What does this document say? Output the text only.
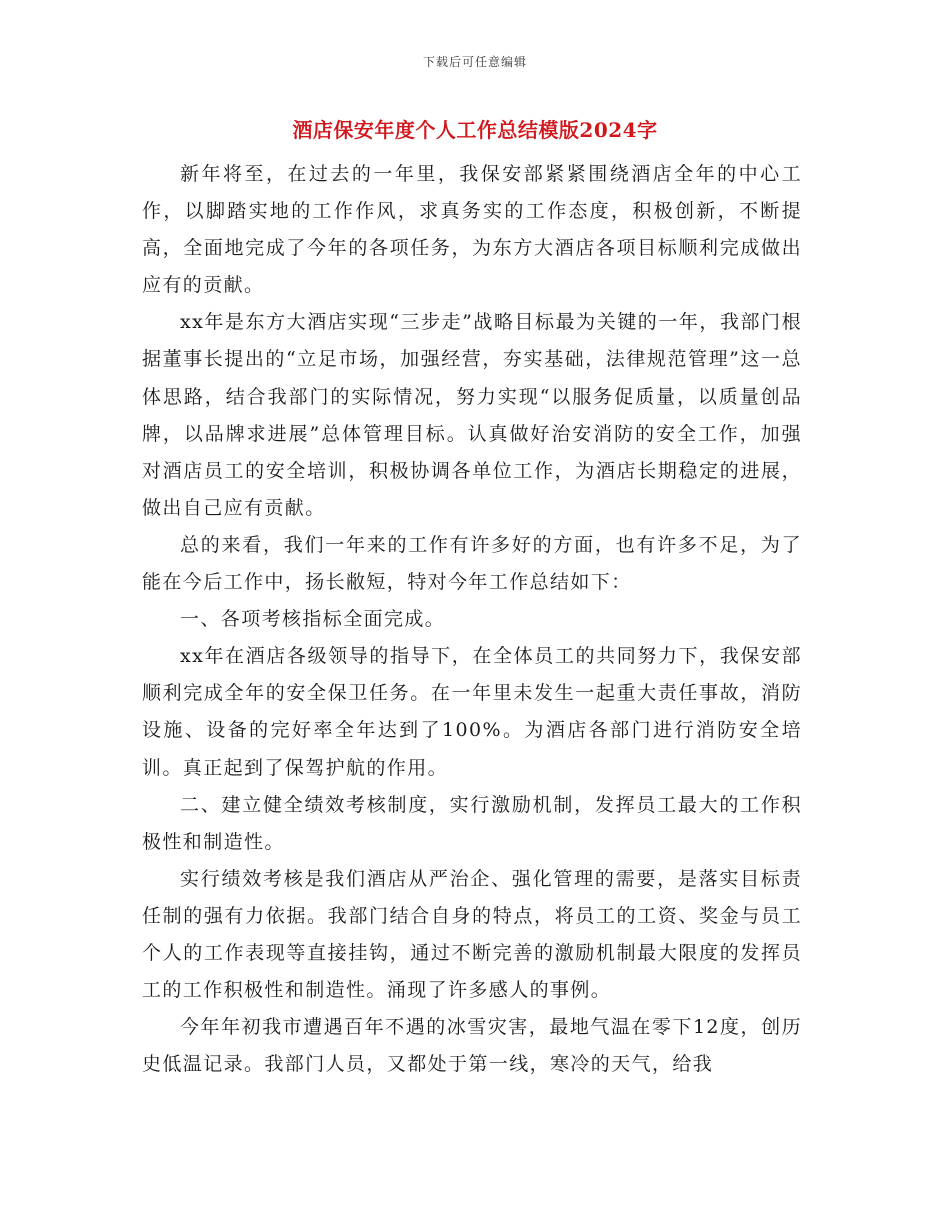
下载后可任意编辑
酒店保安年度个人工作总结模版2024字

新年将至，在过去的一年里，我保安部紧紧围绕酒店全年的中心工作，以脚踏实地的工作作风，求真务实的工作态度，积极创新，不断提高，全面地完成了今年的各项任务，为东方大酒店各项目标顺利完成做出应有的贡献。

xx年是东方大酒店实现“三步走”战略目标最为关键的一年，我部门根据董事长提出的“立足市场，加强经营，夯实基础，法律规范管理”这一总体思路，结合我部门的实际情况，努力实现“以服务促质量，以质量创品牌，以品牌求进展”总体管理目标。认真做好治安消防的安全工作，加强对酒店员工的安全培训，积极协调各单位工作，为酒店长期稳定的进展，做出自己应有贡献。

总的来看，我们一年来的工作有许多好的方面，也有许多不足，为了能在今后工作中，扬长敝短，特对今年工作总结如下：

一、各项考核指标全面完成。

xx年在酒店各级领导的指导下，在全体员工的共同努力下，我保安部顺利完成全年的安全保卫任务。在一年里未发生一起重大责任事故，消防设施、设备的完好率全年达到了100%。为酒店各部门进行消防安全培训。真正起到了保驾护航的作用。

二、建立健全绩效考核制度，实行激励机制，发挥员工最大的工作积极性和制造性。

实行绩效考核是我们酒店从严治企、强化管理的需要，是落实目标责任制的强有力依据。我部门结合自身的特点，将员工的工资、奖金与员工个人的工作表现等直接挂钩，通过不断完善的激励机制最大限度的发挥员工的工作积极性和制造性。涌现了许多感人的事例。

今年年初我市遭遇百年不遇的冰雪灾害，最地气温在零下12度，创历史低温记录。我部门人员，又都处于第一线，寒冷的天气，给我
